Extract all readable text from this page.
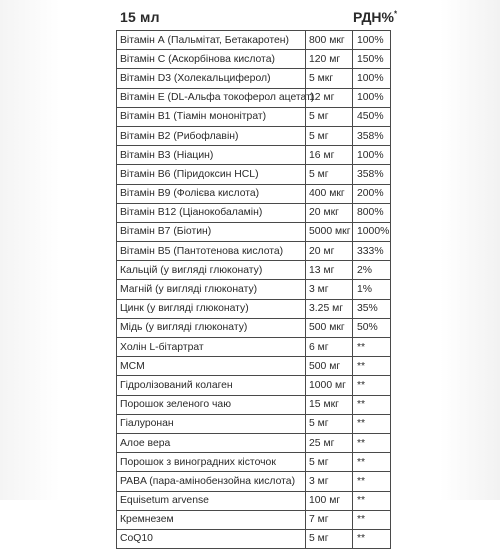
15 мл	РДН%*
Вітамін А (Пальмітат, Бетакаротен)	800 мкг	100%
Вітамін С (Аскорбінова кислота)	120 мг	150%
Вітамін D3 (Холекальциферол)	5 мкг	100%
Вітамін E (DL-Альфа токоферол ацетат)	12 мг	100%
Вітамін В1 (Тіамін мононітрат)	5 мг	450%
Вітамін В2 (Рибофлавін)	5 мг	358%
Вітамін В3 (Ніацин)	16 мг	100%
Вітамін В6 (Піридоксин HCL)	5 мг	358%
Вітамін В9 (Фолієва кислота)	400 мкг	200%
Вітамін В12 (Ціанокобаламін)	20 мкг	800%
Вітамін В7 (Біотин)	5000 мкг	1000%
Вітамін В5 (Пантотенова кислота)	20 мг	333%
Кальцій (у вигляді глюконату)	13 мг	2%
Магній (у вигляді глюконату)	3 мг	1%
Цинк (у вигляді глюконату)	3.25 мг	35%
Мідь (у вигляді глюконату)	500 мкг	50%
Холін L-бітартрат	6 мг	**
MCM	500 мг	**
Гідролізований колаген	1000 мг	**
Порошок зеленого чаю	15 мкг	**
Гіалуронан	5 мг	**
Алое вера	25 мг	**
Порошок з виноградних кісточок	5 мг	**
PABA (пара-амінобензойна кислота)	3 мг	**
Equisetum arvense	100 мг	**
Кремнезем	7 мг	**
CoQ10	5 мг	**
